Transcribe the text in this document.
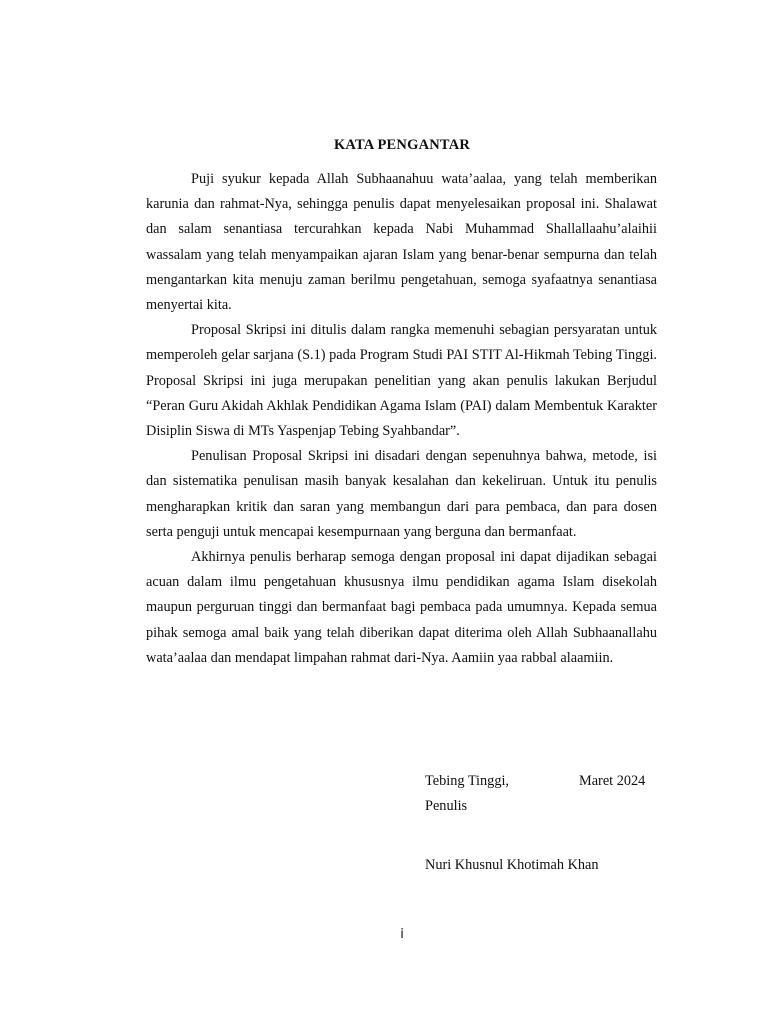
KATA PENGANTAR

Puji syukur kepada Allah Subhaanahuu wata’aalaa, yang telah memberikan karunia dan rahmat-Nya, sehingga penulis dapat menyelesaikan proposal ini. Shalawat dan salam senantiasa tercurahkan kepada Nabi Muhammad Shallallaahu’alaihii wassalam yang telah menyampaikan ajaran Islam yang benar-benar sempurna dan telah mengantarkan kita menuju zaman berilmu pengetahuan, semoga syafaatnya senantiasa menyertai kita.

Proposal Skripsi ini ditulis dalam rangka memenuhi sebagian persyaratan untuk memperoleh gelar sarjana (S.1) pada Program Studi PAI STIT Al-Hikmah Tebing Tinggi. Proposal Skripsi ini juga merupakan penelitian yang akan penulis lakukan Berjudul “Peran Guru Akidah Akhlak Pendidikan Agama Islam (PAI) dalam Membentuk Karakter Disiplin Siswa di MTs Yaspenjap Tebing Syahbandar”.

Penulisan Proposal Skripsi ini disadari dengan sepenuhnya bahwa, metode, isi dan sistematika penulisan masih banyak kesalahan dan kekeliruan. Untuk itu penulis mengharapkan kritik dan saran yang membangun dari para pembaca, dan para dosen serta penguji untuk mencapai kesempurnaan yang berguna dan bermanfaat.

Akhirnya penulis berharap semoga dengan proposal ini dapat dijadikan sebagai acuan dalam ilmu pengetahuan khususnya ilmu pendidikan agama Islam disekolah maupun perguruan tinggi dan bermanfaat bagi pembaca pada umumnya. Kepada semua pihak semoga amal baik yang telah diberikan dapat diterima oleh Allah Subhaanallahu wata’aalaa dan mendapat limpahan rahmat dari-Nya. Aamiin yaa rabbal alaamiin.

Tebing Tinggi,	Maret 2024
Penulis
Nuri Khusnul Khotimah Khan
i
